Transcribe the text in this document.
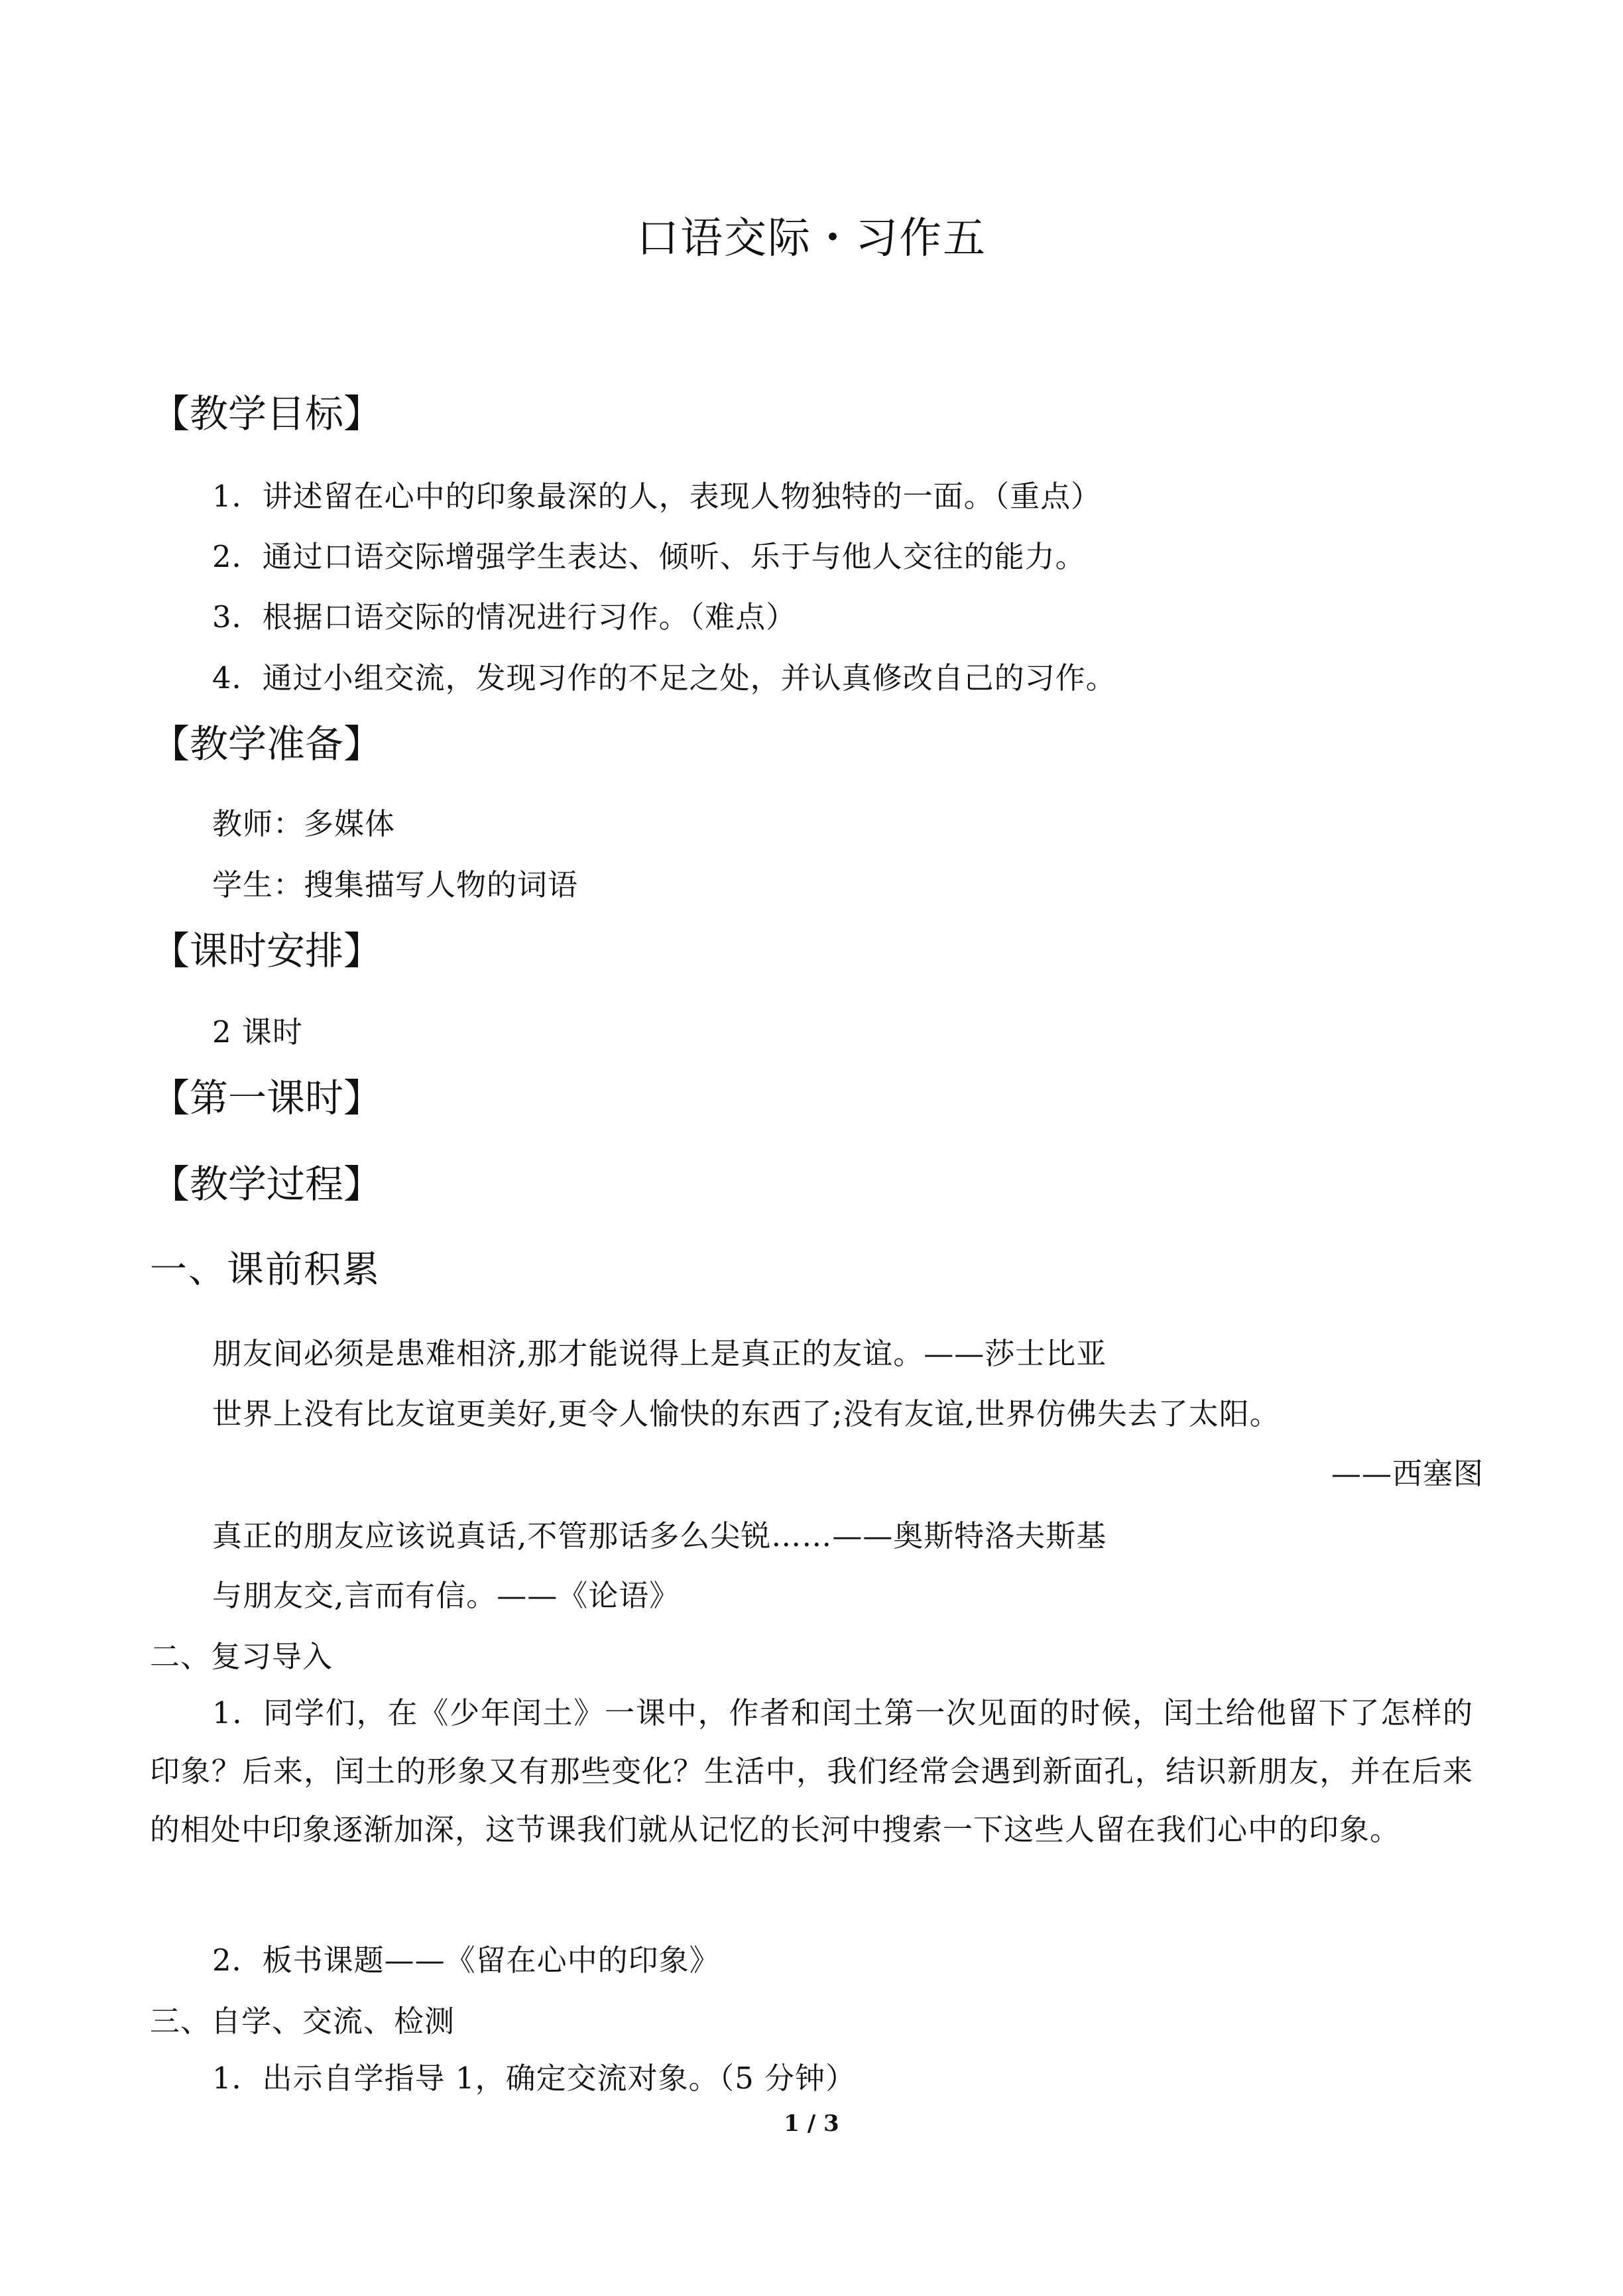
口语交际・习作五
【教学目标】
1．讲述留在心中的印象最深的人，表现人物独特的一面。（重点）
2．通过口语交际增强学生表达、倾听、乐于与他人交往的能力。
3．根据口语交际的情况进行习作。（难点）
4．通过小组交流，发现习作的不足之处，并认真修改自己的习作。
【教学准备】
教师：多媒体
学生：搜集描写人物的词语
【课时安排】
2 课时
【第一课时】
【教学过程】
一、课前积累
朋友间必须是患难相济,那才能说得上是真正的友谊。——莎士比亚
世界上没有比友谊更美好,更令人愉快的东西了;没有友谊,世界仿佛失去了太阳。
——西塞图
真正的朋友应该说真话,不管那话多么尖锐……——奥斯特洛夫斯基
与朋友交,言而有信。——《论语》
二、复习导入
1．同学们，在《少年闰土》一课中，作者和闰土第一次见面的时候，闰土给他留下了怎样的印象？后来，闰土的形象又有那些变化？生活中，我们经常会遇到新面孔，结识新朋友，并在后来的相处中印象逐渐加深，这节课我们就从记忆的长河中搜索一下这些人留在我们心中的印象。
2．板书课题——《留在心中的印象》
三、自学、交流、检测
1．出示自学指导 1，确定交流对象。（5 分钟）
1 / 3
